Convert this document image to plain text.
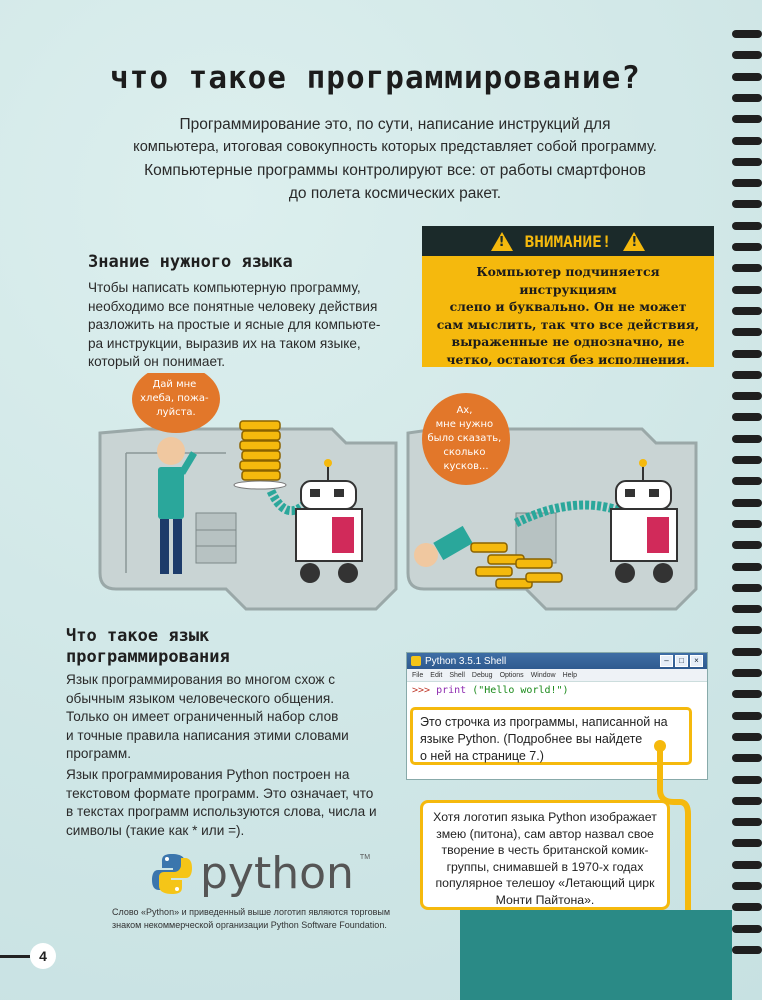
что такое программирование?
Программирование это, по сути, написание инструкций для
компьютера, итоговая совокупность которых представляет собой программу.
Компьютерные программы контролируют все: от работы смартфонов
до полета космических ракет.
Знание нужного языка
Чтобы написать компьютерную программу,
необходимо все понятные человеку действия
разложить на простые и ясные для компьюте-
ра инструкции, выразив их на таком языке,
который он понимает.
!
ВНИМАНИЕ!
!
Компьютер подчиняется инструкциям
слепо и буквально. Он не может
сам мыслить, так что все действия,
выраженные не однозначно, не
четко, остаются без исполнения.
Дай мне хлеба, пожа- луйста.	Ах, мне нужно было сказать, сколько кусков...
Что такое язык
программирования
Язык программирования во многом схож с
обычным языком человеческого общения.
Только он имеет ограниченный набор слов
и точные правила написания этими словами
программ.
Язык программирования Python построен на
текстовом формате программ. Это означает, что
в текстах программ используются слова, числа и
символы (такие как * или =).
Python 3.5.1 Shell	–	□	×
File Edit Shell Debug Options Window Help
>>> print ("Hello world!")
Это строчка из программы, написанной на
языке Python. (Подробнее вы найдете
о ней на странице 7.)
Хотя логотип языка Python изображает
змею (питона), сам автор назвал свое
творение в честь британской комик-
группы, снимавшей в 1970-х годах
популярное телешоу «Летающий цирк
Монти Пайтона».
python TM
Слово «Python» и приведенный выше логотип являются торговым
знаком некоммерческой организации Python Software Foundation.
4
